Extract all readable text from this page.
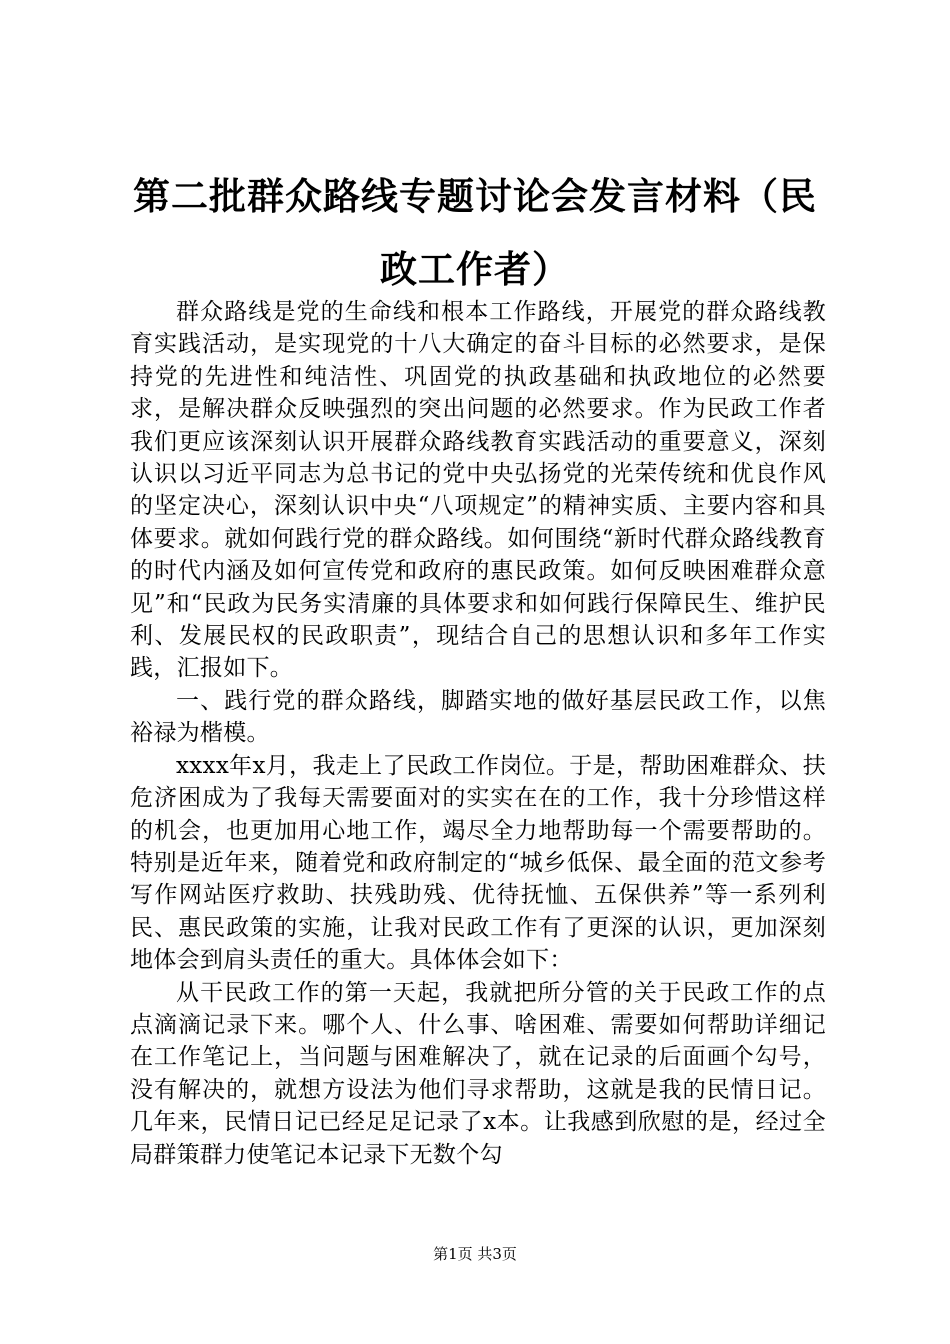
第二批群众路线专题讨论会发言材料（民政工作者）

群众路线是党的生命线和根本工作路线，开展党的群众路线教育实践活动，是实现党的十八大确定的奋斗目标的必然要求，是保持党的先进性和纯洁性、巩固党的执政基础和执政地位的必然要求，是解决群众反映强烈的突出问题的必然要求。作为民政工作者我们更应该深刻认识开展群众路线教育实践活动的重要意义，深刻认识以习近平同志为总书记的党中央弘扬党的光荣传统和优良作风的坚定决心，深刻认识中央“八项规定”的精神实质、主要内容和具体要求。就如何践行党的群众路线。如何围绕“新时代群众路线教育的时代内涵及如何宣传党和政府的惠民政策。如何反映困难群众意见”和“民政为民务实清廉的具体要求和如何践行保障民生、维护民利、发展民权的民政职责”，现结合自己的思想认识和多年工作实践，汇报如下。

一、践行党的群众路线，脚踏实地的做好基层民政工作，以焦裕禄为楷模。

xxxx年x月，我走上了民政工作岗位。于是，帮助困难群众、扶危济困成为了我每天需要面对的实实在在的工作，我十分珍惜这样的机会，也更加用心地工作，竭尽全力地帮助每一个需要帮助的。特别是近年来，随着党和政府制定的“城乡低保、最全面的范文参考写作网站医疗救助、扶残助残、优待抚恤、五保供养”等一系列利民、惠民政策的实施，让我对民政工作有了更深的认识，更加深刻地体会到肩头责任的重大。具体体会如下：

从干民政工作的第一天起，我就把所分管的关于民政工作的点点滴滴记录下来。哪个人、什么事、啥困难、需要如何帮助详细记在工作笔记上，当问题与困难解决了，就在记录的后面画个勾号，没有解决的，就想方设法为他们寻求帮助，这就是我的民情日记。几年来，民情日记已经足足记录了x本。让我感到欣慰的是，经过全局群策群力使笔记本记录下无数个勾

第1页 共3页
